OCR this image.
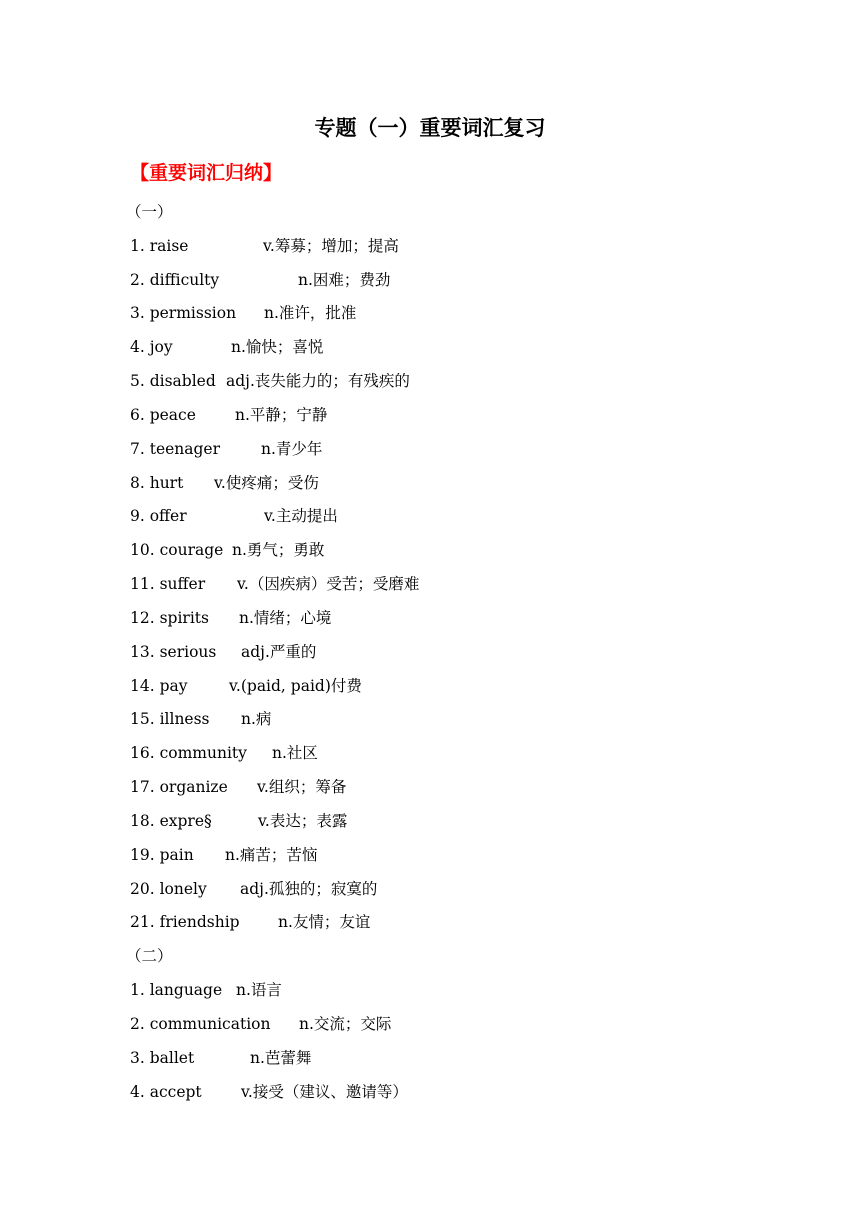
专题（一）重要词汇复习
【重要词汇归纳】
（一）
1. raise	v.筹募；增加；提高
2. difficulty	n.困难；费劲
3. permission n.准许，批准
4. joy	n.愉快；喜悦
5. disabled adj.丧失能力的；有残疾的
6. peace	n.平静；宁静
7. teenager	n.青少年
8. hurt v.使疼痛；受伤
9. offer	v.主动提出
10. courage n.勇气；勇敢
11. suffer v.（因疾病）受苦；受磨难
12. spirits n.情绪；心境
13. serious adj.严重的
14. pay	v.(paid, paid)付费
15. illness n.病
16. community n.社区
17. organize v.组织；筹备
18. expre§	v.表达；表露
19. pain n.痛苦；苦恼
20. lonely adj.孤独的；寂寞的
21. friendship n.友情；友谊
（二）
1. language n.语言
2. communication n.交流；交际
3. ballet	n.芭蕾舞
4. accept	v.接受（建议、邀请等）
